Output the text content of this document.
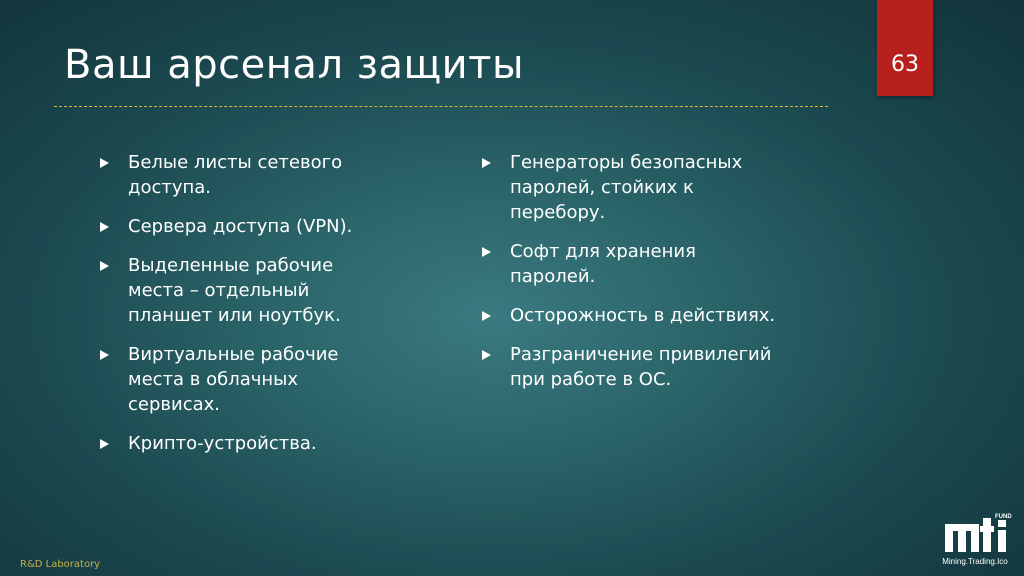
Ваш арсенал защиты	63
Белые листы сетевого доступа.
Сервера доступа (VPN).
Выделенные рабочие места – отдельный планшет или ноутбук.
Виртуальные рабочие места в облачных сервисах.
Крипто-устройства.
Генераторы безопасных паролей, стойких к перебору.
Софт для хранения паролей.
Осторожность в действиях.
Разграничение привилегий при работе в ОС.
R&D Laboratory
FUND
Mining.Trading.Ico
